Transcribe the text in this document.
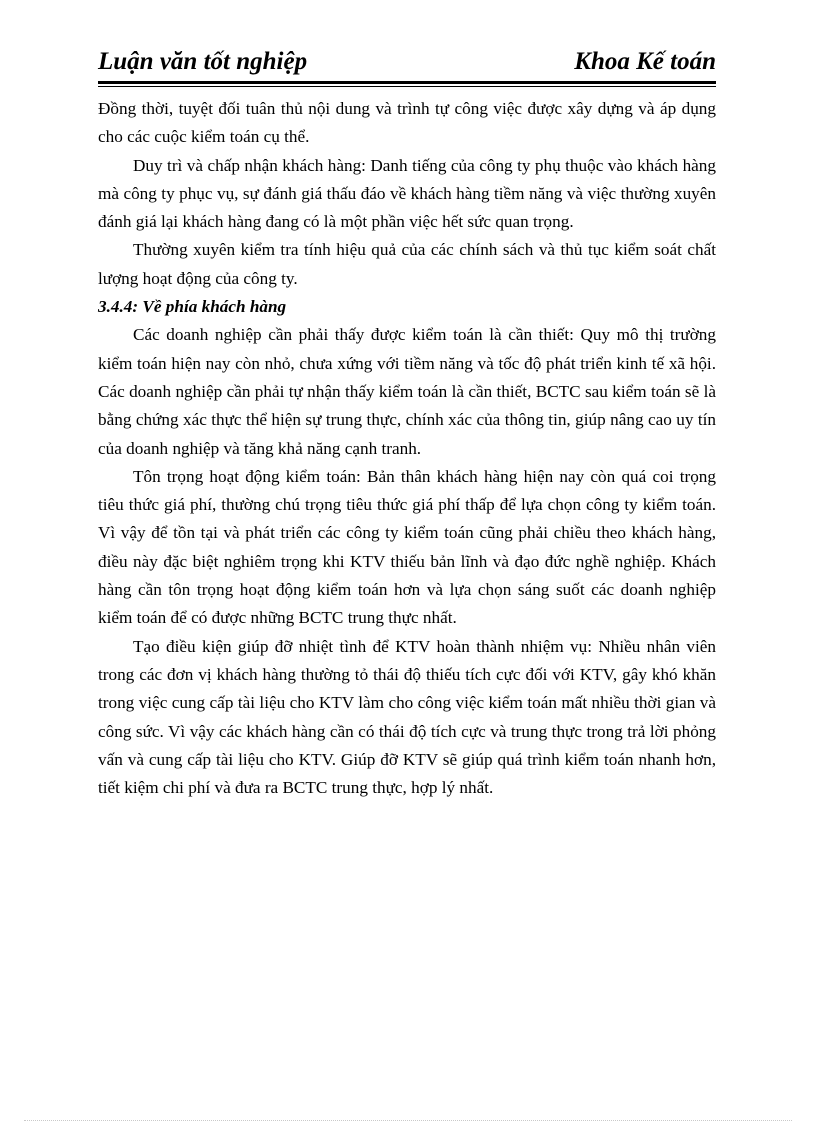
Luận văn tốt nghiệp	Khoa Kế toán

Đồng thời, tuyệt đối tuân thủ nội dung và trình tự công việc được xây dựng và áp dụng cho các cuộc kiểm toán cụ thể.

Duy trì và chấp nhận khách hàng: Danh tiếng của công ty phụ thuộc vào khách hàng mà công ty phục vụ, sự đánh giá thấu đáo về khách hàng tiềm năng và việc thường xuyên đánh giá lại khách hàng đang có là một phần việc hết sức quan trọng.

Thường xuyên kiểm tra tính hiệu quả của các chính sách và thủ tục kiểm soát chất lượng hoạt động của công ty.

3.4.4: Về phía khách hàng

Các doanh nghiệp cần phải thấy được kiểm toán là cần thiết: Quy mô thị trường kiểm toán hiện nay còn nhỏ, chưa xứng với tiềm năng và tốc độ phát triển kinh tế xã hội. Các doanh nghiệp cần phải tự nhận thấy kiểm toán là cần thiết, BCTC sau kiểm toán sẽ là bằng chứng xác thực thể hiện sự trung thực, chính xác của thông tin, giúp nâng cao uy tín của doanh nghiệp và tăng khả năng cạnh tranh.

Tôn trọng hoạt động kiểm toán: Bản thân khách hàng hiện nay còn quá coi trọng tiêu thức giá phí, thường chú trọng tiêu thức giá phí thấp để lựa chọn công ty kiểm toán. Vì vậy để tồn tại và phát triển các công ty kiểm toán cũng phải chiều theo khách hàng, điều này đặc biệt nghiêm trọng khi KTV thiếu bản lĩnh và đạo đức nghề nghiệp. Khách hàng cần tôn trọng hoạt động kiểm toán hơn và lựa chọn sáng suốt các doanh nghiệp kiểm toán để có được những BCTC trung thực nhất.

Tạo điều kiện giúp đỡ nhiệt tình để KTV hoàn thành nhiệm vụ: Nhiều nhân viên trong các đơn vị khách hàng thường tỏ thái độ thiếu tích cực đối với KTV, gây khó khăn trong việc cung cấp tài liệu cho KTV làm cho công việc kiểm toán mất nhiều thời gian và công sức. Vì vậy các khách hàng cần có thái độ tích cực và trung thực trong trả lời phỏng vấn và cung cấp tài liệu cho KTV. Giúp đỡ KTV sẽ giúp quá trình kiểm toán nhanh hơn, tiết kiệm chi phí và đưa ra BCTC trung thực, hợp lý nhất.
